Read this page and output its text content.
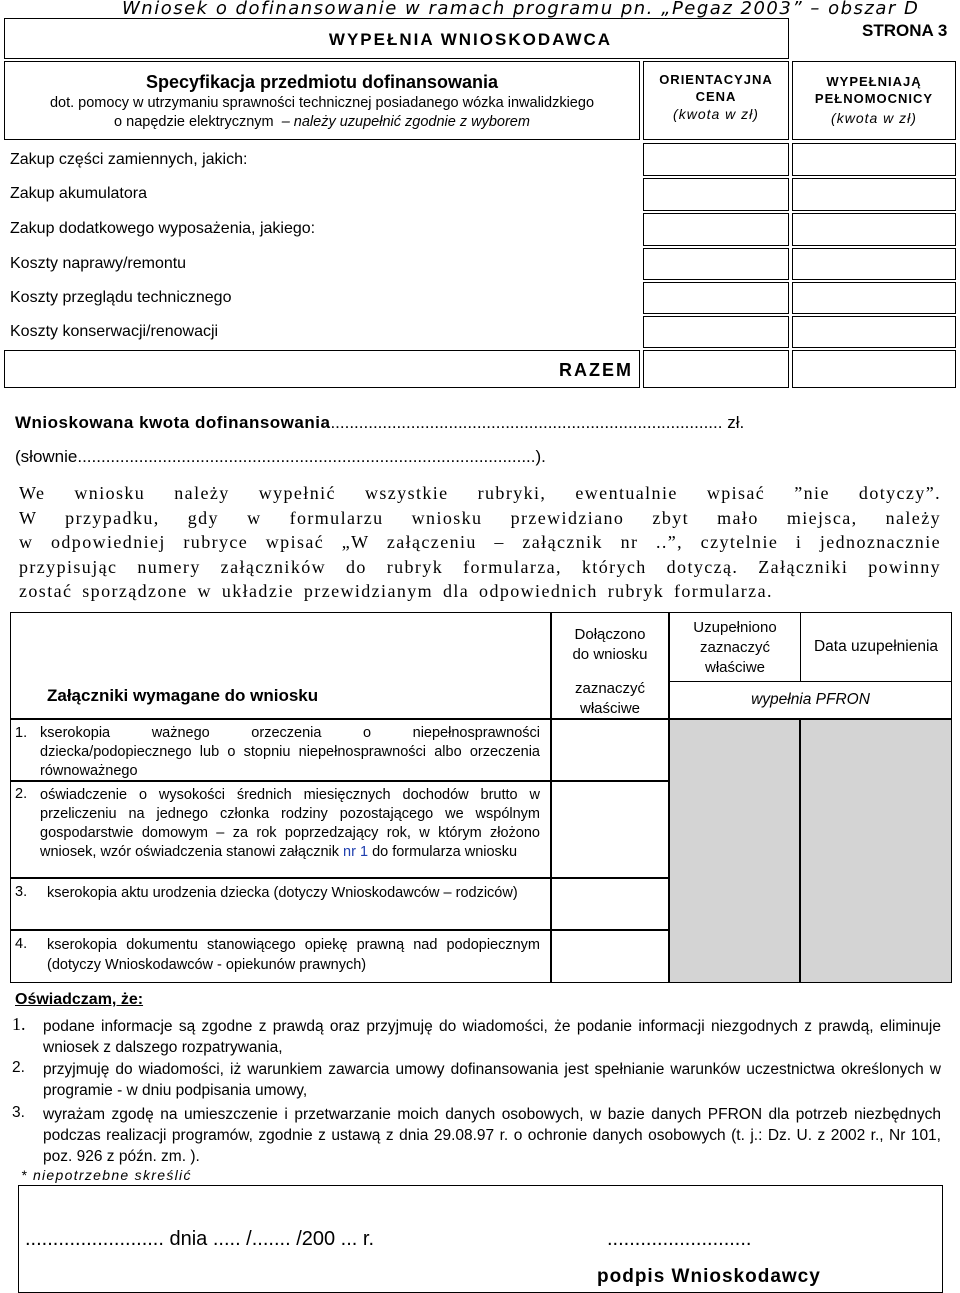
Wniosek o dofinansowanie w ramach programu pn. „Pegaz 2003” – obszar D
WYPEŁNIA WNIOSKODAWCA	STRONA 3
Specyfikacja przedmiotu dofinansowania
dot. pomocy w utrzymaniu sprawności technicznej posiadanego wózka inwalidzkiego
o napędzie elektrycznym – należy uzupełnić zgodnie z wyborem
ORIENTACYJNA
CENA
(kwota w zł)
WYPEŁNIAJĄ
PEŁNOMOCNICY
(kwota w zł)
Zakup części zamiennych, jakich:
Zakup akumulatora
Zakup dodatkowego wyposażenia, jakiego:
Koszty naprawy/remontu
Koszty przeglądu technicznego
Koszty konserwacji/renowacji
RAZEM
Wnioskowana kwota dofinansowania................................................................................... zł.
(słownie.................................................................................................).
We wniosku należy wypełnić wszystkie rubryki, ewentualnie wpisać ”nie dotyczy”.
W przypadku, gdy w formularzu wniosku przewidziano zbyt mało miejsca, należy
w odpowiedniej rubryce wpisać „W załączeniu – załącznik nr ..”, czytelnie i jednoznacznie
przypisując numery załączników do rubryk formularza, których dotyczą. Załączniki powinny
zostać sporządzone w układzie przewidzianym dla odpowiednich rubryk formularza.
Załączniki wymagane do wniosku
Dołączono
do wniosku
zaznaczyć
właściwe
Uzupełniono
zaznaczyć
właściwe
Data uzupełnienia
wypełnia PFRON
1. kserokopia ważnego orzeczenia o niepełnosprawności dziecka/podopiecznego lub o stopniu niepełnosprawności albo orzeczenia równoważnego
2. oświadczenie o wysokości średnich miesięcznych dochodów brutto w przeliczeniu na jednego członka rodziny pozostającego we wspólnym gospodarstwie domowym – za rok poprzedzający rok, w którym złożono wniosek, wzór oświadczenia stanowi załącznik nr 1 do formularza wniosku
3. kserokopia aktu urodzenia dziecka (dotyczy Wnioskodawców – rodziców)
4. kserokopia dokumentu stanowiącego opiekę prawną nad podopiecznym (dotyczy Wnioskodawców - opiekunów prawnych)
Oświadczam, że:
1. podane informacje są zgodne z prawdą oraz przyjmuję do wiadomości, że podanie informacji niezgodnych z prawdą, eliminuje wniosek z dalszego rozpatrywania,
2. przyjmuję do wiadomości, iż warunkiem zawarcia umowy dofinansowania jest spełnianie warunków uczestnictwa określonych w programie - w dniu podpisania umowy,
3. wyrażam zgodę na umieszczenie i przetwarzanie moich danych osobowych, w bazie danych PFRON dla potrzeb niezbędnych podczas realizacji programów, zgodnie z ustawą z dnia 29.08.97 r. o ochronie danych osobowych (t. j.: Dz. U. z 2002 r., Nr 101, poz. 926 z późn. zm. ).
* niepotrzebne skreślić
......................... dnia ..... /....... /200 ... r.	..........................
podpis Wnioskodawcy
